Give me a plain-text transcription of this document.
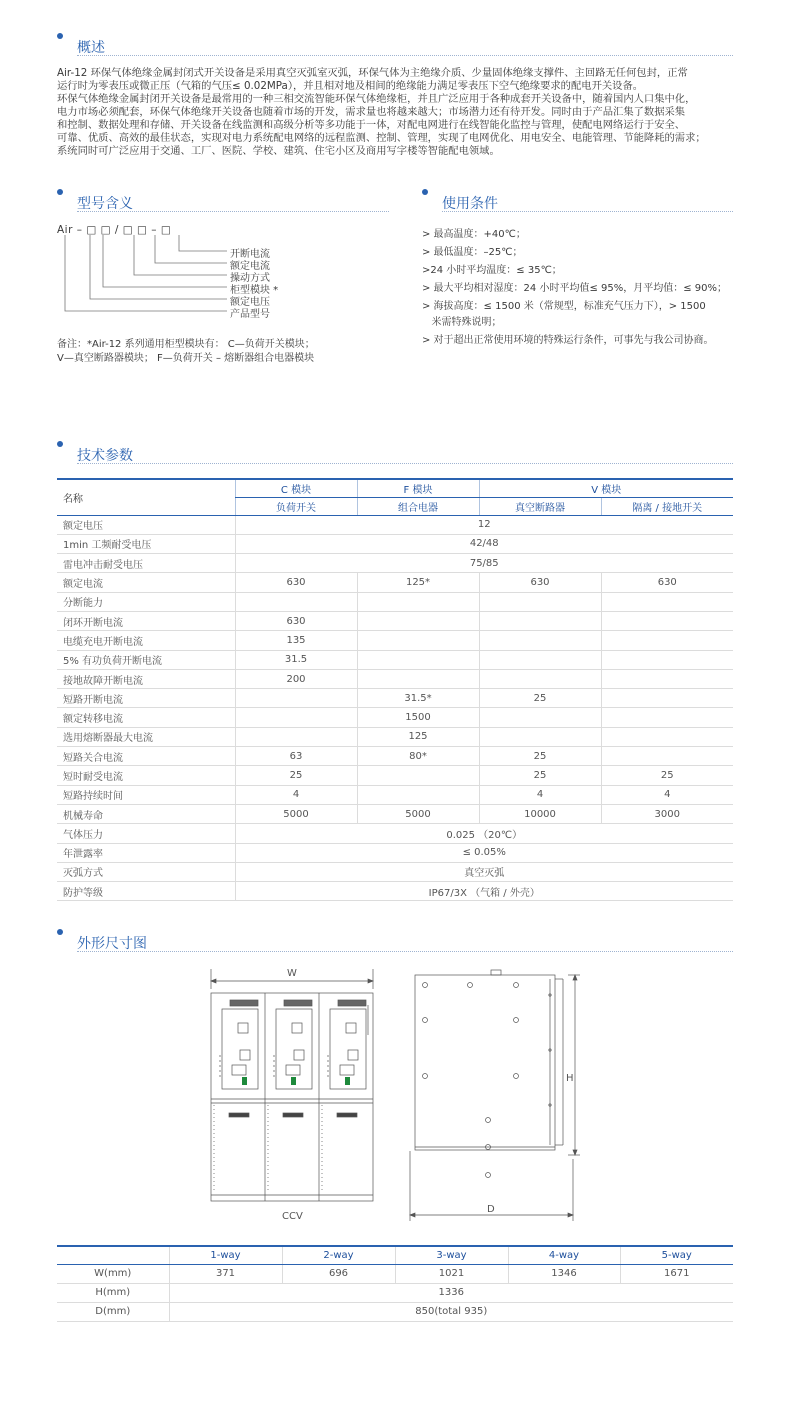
概述
Air-12 环保气体绝缘金属封闭式开关设备是采用真空灭弧室灭弧，环保气体为主绝缘介质、少量固体绝缘支撑件、主回路无任何包封，正常
运行时为零表压或微正压（气箱的气压≤ 0.02MPa），并且相对地及相间的绝缘能力满足零表压下空气绝缘要求的配电开关设备。
环保气体绝缘金属封闭开关设备是最常用的一种三相交流智能环保气体绝缘柜，并且广泛应用于各种成套开关设备中，随着国内人口集中化，
电力市场必须配套，环保气体绝缘开关设备也随着市场的开发，需求量也将越来越大；市场潜力还有待开发。同时由于产品汇集了数据采集
和控制、数据处理和存储、开关设备在线监测和高级分析等多功能于一体，对配电网进行在线智能化监控与管理，使配电网络运行于安全、
可靠、优质、高效的最佳状态，实现对电力系统配电网络的远程监测、控制、管理，实现了电网优化、用电安全、电能管理、节能降耗的需求；
系统同时可广泛应用于交通、工厂、医院、学校、建筑、住宅小区及商用写字楼等智能配电领域。
型号含义
Air – □ □ / □ □ – □
开断电流
额定电流
操动方式
柜型模块 *
额定电压
产品型号
备注：*Air-12 系列通用柜型模块有： C—负荷开关模块；
V—真空断路器模块； F—负荷开关 – 熔断器组合电器模块
使用条件
> 最高温度：+40℃；
> 最低温度：–25℃；
>24 小时平均温度：≤ 35℃；
> 最大平均相对湿度：24 小时平均值≤ 95%，月平均值：≤ 90%；
> 海拔高度：≤ 1500 米（常规型，标准充气压力下），> 1500
米需特殊说明；
> 对于超出正常使用环境的特殊运行条件，可事先与我公司协商。
技术参数
名称	C 模块	F 模块	V 模块	
	负荷开关	组合电器	真空断路器	隔离 / 接地开关
额定电压	12			
1min 工频耐受电压	42/48			
雷电冲击耐受电压	75/85			
额定电流	630	125*	630	630
分断能力				
闭环开断电流	630			
电缆充电开断电流	135			
5% 有功负荷开断电流	31.5			
接地故障开断电流	200			
短路开断电流		31.5*	25	
额定转移电流		1500		
选用熔断器最大电流		125		
短路关合电流	63	80*	25	
短时耐受电流	25		25	25
短路持续时间	4		4	4
机械寿命	5000	5000	10000	3000
气体压力	0.025 （20℃）			
年泄露率	≤ 0.05%			
灭弧方式	真空灭弧			
防护等级	IP67/3X （气箱 / 外壳）			
外形尺寸图
W
CCV
H
D
	1-way	2-way	3-way	4-way	5-way
W(mm)	371	696	1021	1346	1671
H(mm)	1336				
D(mm)	850(total 935)				
